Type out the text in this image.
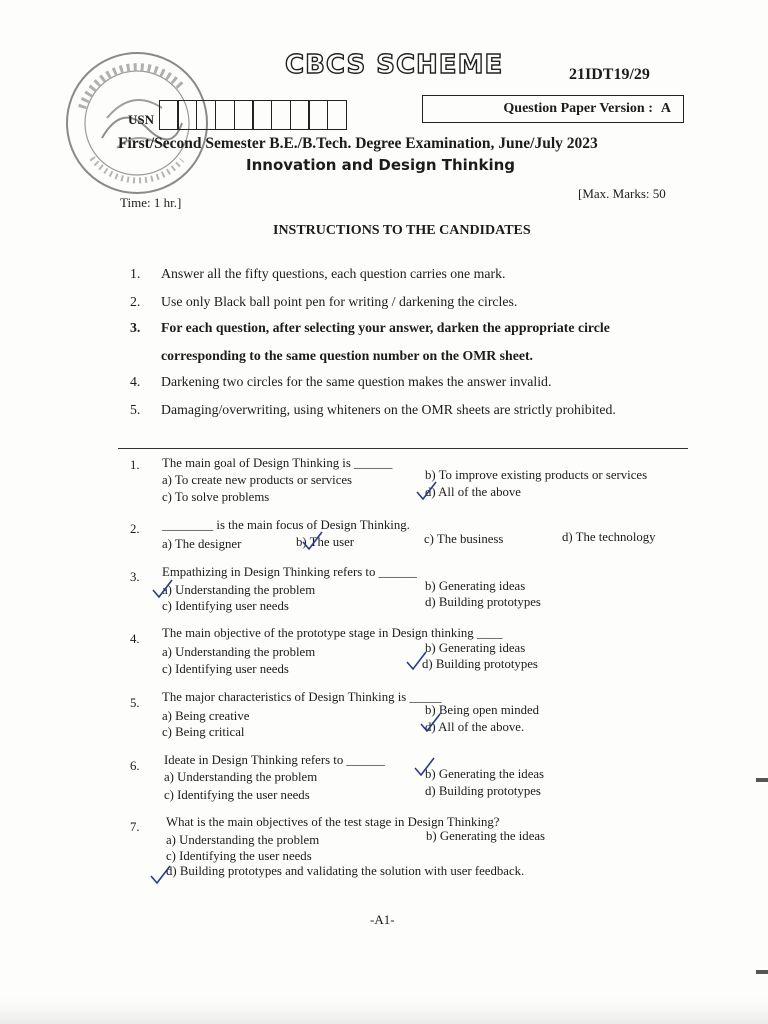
CBCS SCHEME	21IDT19/29
USN
Question Paper Version : A
First/Second Semester B.E./B.Tech. Degree Examination, June/July 2023
Innovation and Design Thinking
Time: 1 hr.]
[Max. Marks: 50
INSTRUCTIONS TO THE CANDIDATES
1.	Answer all the fifty questions, each question carries one mark.
2.	Use only Black ball point pen for writing / darkening the circles.
3.	For each question, after selecting your answer, darken the appropriate circle corresponding to the same question number on the OMR sheet.
4.	Darkening two circles for the same question makes the answer invalid.
5.	Damaging/overwriting, using whiteners on the OMR sheets are strictly prohibited.
1. The main goal of Design Thinking is ______
a) To create new products or services	b) To improve existing products or services
c) To solve problems	d) All of the above
2. ________ is the main focus of Design Thinking.
a) The designer	b) The user	c) The business	d) The technology
3. Empathizing in Design Thinking refers to ______
a) Understanding the problem	b) Generating ideas
c) Identifying user needs	d) Building prototypes
4. The main objective of the prototype stage in Design thinking ____
a) Understanding the problem	b) Generating ideas
c) Identifying user needs	d) Building prototypes
5. The major characteristics of Design Thinking is _____
a) Being creative	b) Being open minded
c) Being critical	d) All of the above.
6. Ideate in Design Thinking refers to ______
a) Understanding the problem	b) Generating the ideas
c) Identifying the user needs	d) Building prototypes
7. What is the main objectives of the test stage in Design Thinking?
a) Understanding the problem	b) Generating the ideas
c) Identifying the user needs
d) Building prototypes and validating the solution with user feedback.
-A1-
